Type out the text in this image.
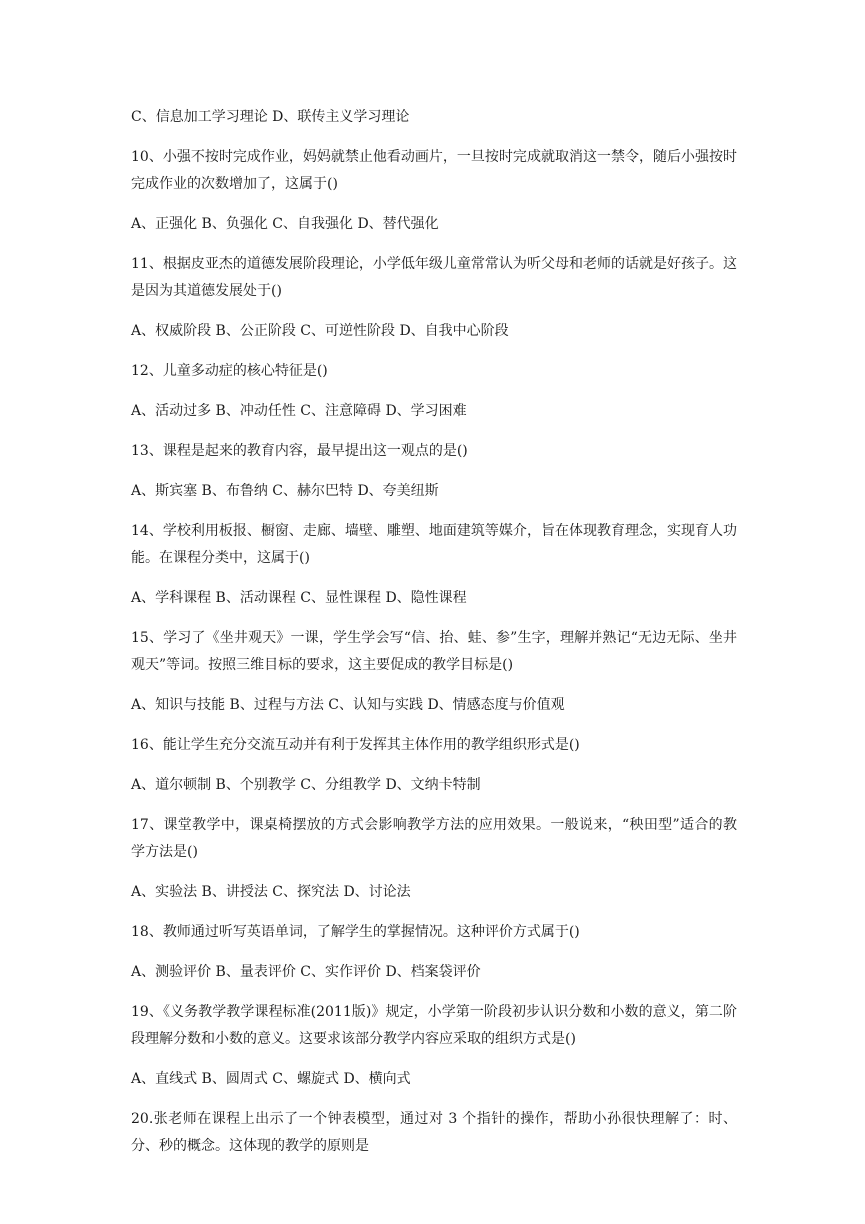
C、信息加工学习理论 D、联传主义学习理论

10、小强不按时完成作业，妈妈就禁止他看动画片，一旦按时完成就取消这一禁令，随后小强按时完成作业的次数增加了，这属于()

A、正强化 B、负强化 C、自我强化 D、替代强化

11、根据皮亚杰的道德发展阶段理论，小学低年级儿童常常认为听父母和老师的话就是好孩子。这是因为其道德发展处于()

A、权威阶段 B、公正阶段 C、可逆性阶段 D、自我中心阶段

12、儿童多动症的核心特征是()

A、活动过多 B、冲动任性 C、注意障碍 D、学习困难

13、课程是起来的教育内容，最早提出这一观点的是()

A、斯宾塞 B、布鲁纳 C、赫尔巴特 D、夸美纽斯

14、学校利用板报、橱窗、走廊、墙壁、雕塑、地面建筑等媒介，旨在体现教育理念，实现育人功能。在课程分类中，这属于()

A、学科课程 B、活动课程 C、显性课程 D、隐性课程

15、学习了《坐井观天》一课，学生学会写“信、抬、蛙、参”生字，理解并熟记“无边无际、坐井观天”等词。按照三维目标的要求，这主要促成的教学目标是()

A、知识与技能 B、过程与方法 C、认知与实践 D、情感态度与价值观

16、能让学生充分交流互动并有利于发挥其主体作用的教学组织形式是()

A、道尔顿制 B、个别教学 C、分组教学 D、文纳卡特制

17、课堂教学中，课桌椅摆放的方式会影响教学方法的应用效果。一般说来，“秧田型”适合的教学方法是()

A、实验法 B、讲授法 C、探究法 D、讨论法

18、教师通过听写英语单词，了解学生的掌握情况。这种评价方式属于()

A、测验评价 B、量表评价 C、实作评价 D、档案袋评价

19、《义务教学教学课程标准(2011版)》规定，小学第一阶段初步认识分数和小数的意义，第二阶段理解分数和小数的意义。这要求该部分教学内容应采取的组织方式是()

A、直线式 B、圆周式 C、螺旋式 D、横向式

20.张老师在课程上出示了一个钟表模型，通过对 3 个指针的操作，帮助小孙很快理解了：时、分、秒的概念。这体现的教学的原则是
